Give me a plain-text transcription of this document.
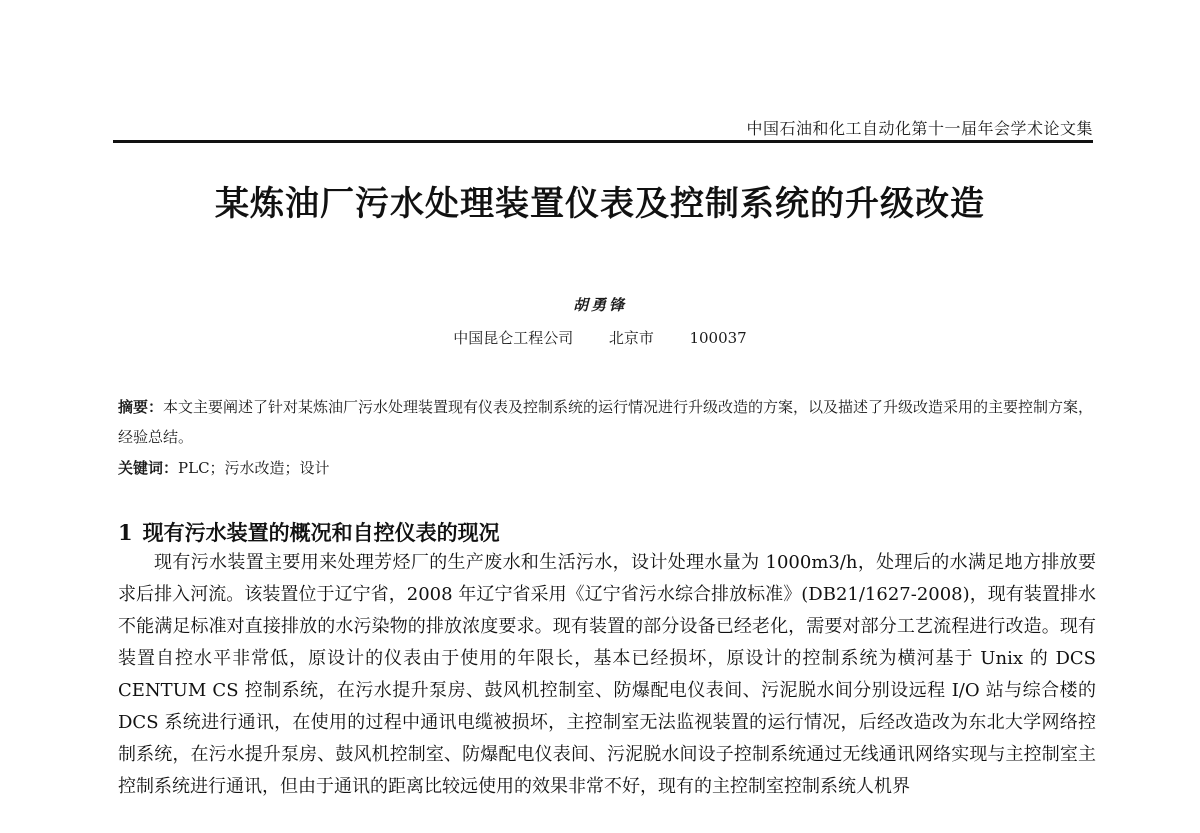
中国石油和化工自动化第十一届年会学术论文集
某炼油厂污水处理装置仪表及控制系统的升级改造
胡勇锋
中国昆仑工程公司 北京市 100037
摘要：本文主要阐述了针对某炼油厂污水处理装置现有仪表及控制系统的运行情况进行升级改造的方案，以及描述了升级改造采用的主要控制方案，经验总结。
关键词：PLC；污水改造；设计
1 现有污水装置的概况和自控仪表的现况

现有污水装置主要用来处理芳烃厂的生产废水和生活污水，设计处理水量为 1000m3/h，处理后的水满足地方排放要求后排入河流。该装置位于辽宁省，2008 年辽宁省采用《辽宁省污水综合排放标准》(DB21/1627-2008)，现有装置排水不能满足标准对直接排放的水污染物的排放浓度要求。现有装置的部分设备已经老化，需要对部分工艺流程进行改造。现有装置自控水平非常低，原设计的仪表由于使用的年限长，基本已经损坏，原设计的控制系统为横河基于 Unix 的 DCS CENTUM CS 控制系统，在污水提升泵房、鼓风机控制室、防爆配电仪表间、污泥脱水间分别设远程 I/O 站与综合楼的 DCS 系统进行通讯，在使用的过程中通讯电缆被损坏，主控制室无法监视装置的运行情况，后经改造改为东北大学网络控制系统，在污水提升泵房、鼓风机控制室、防爆配电仪表间、污泥脱水间设子控制系统通过无线通讯网络实现与主控制室主控制系统进行通讯，但由于通讯的距离比较远使用的效果非常不好，现有的主控制室控制系统人机界
